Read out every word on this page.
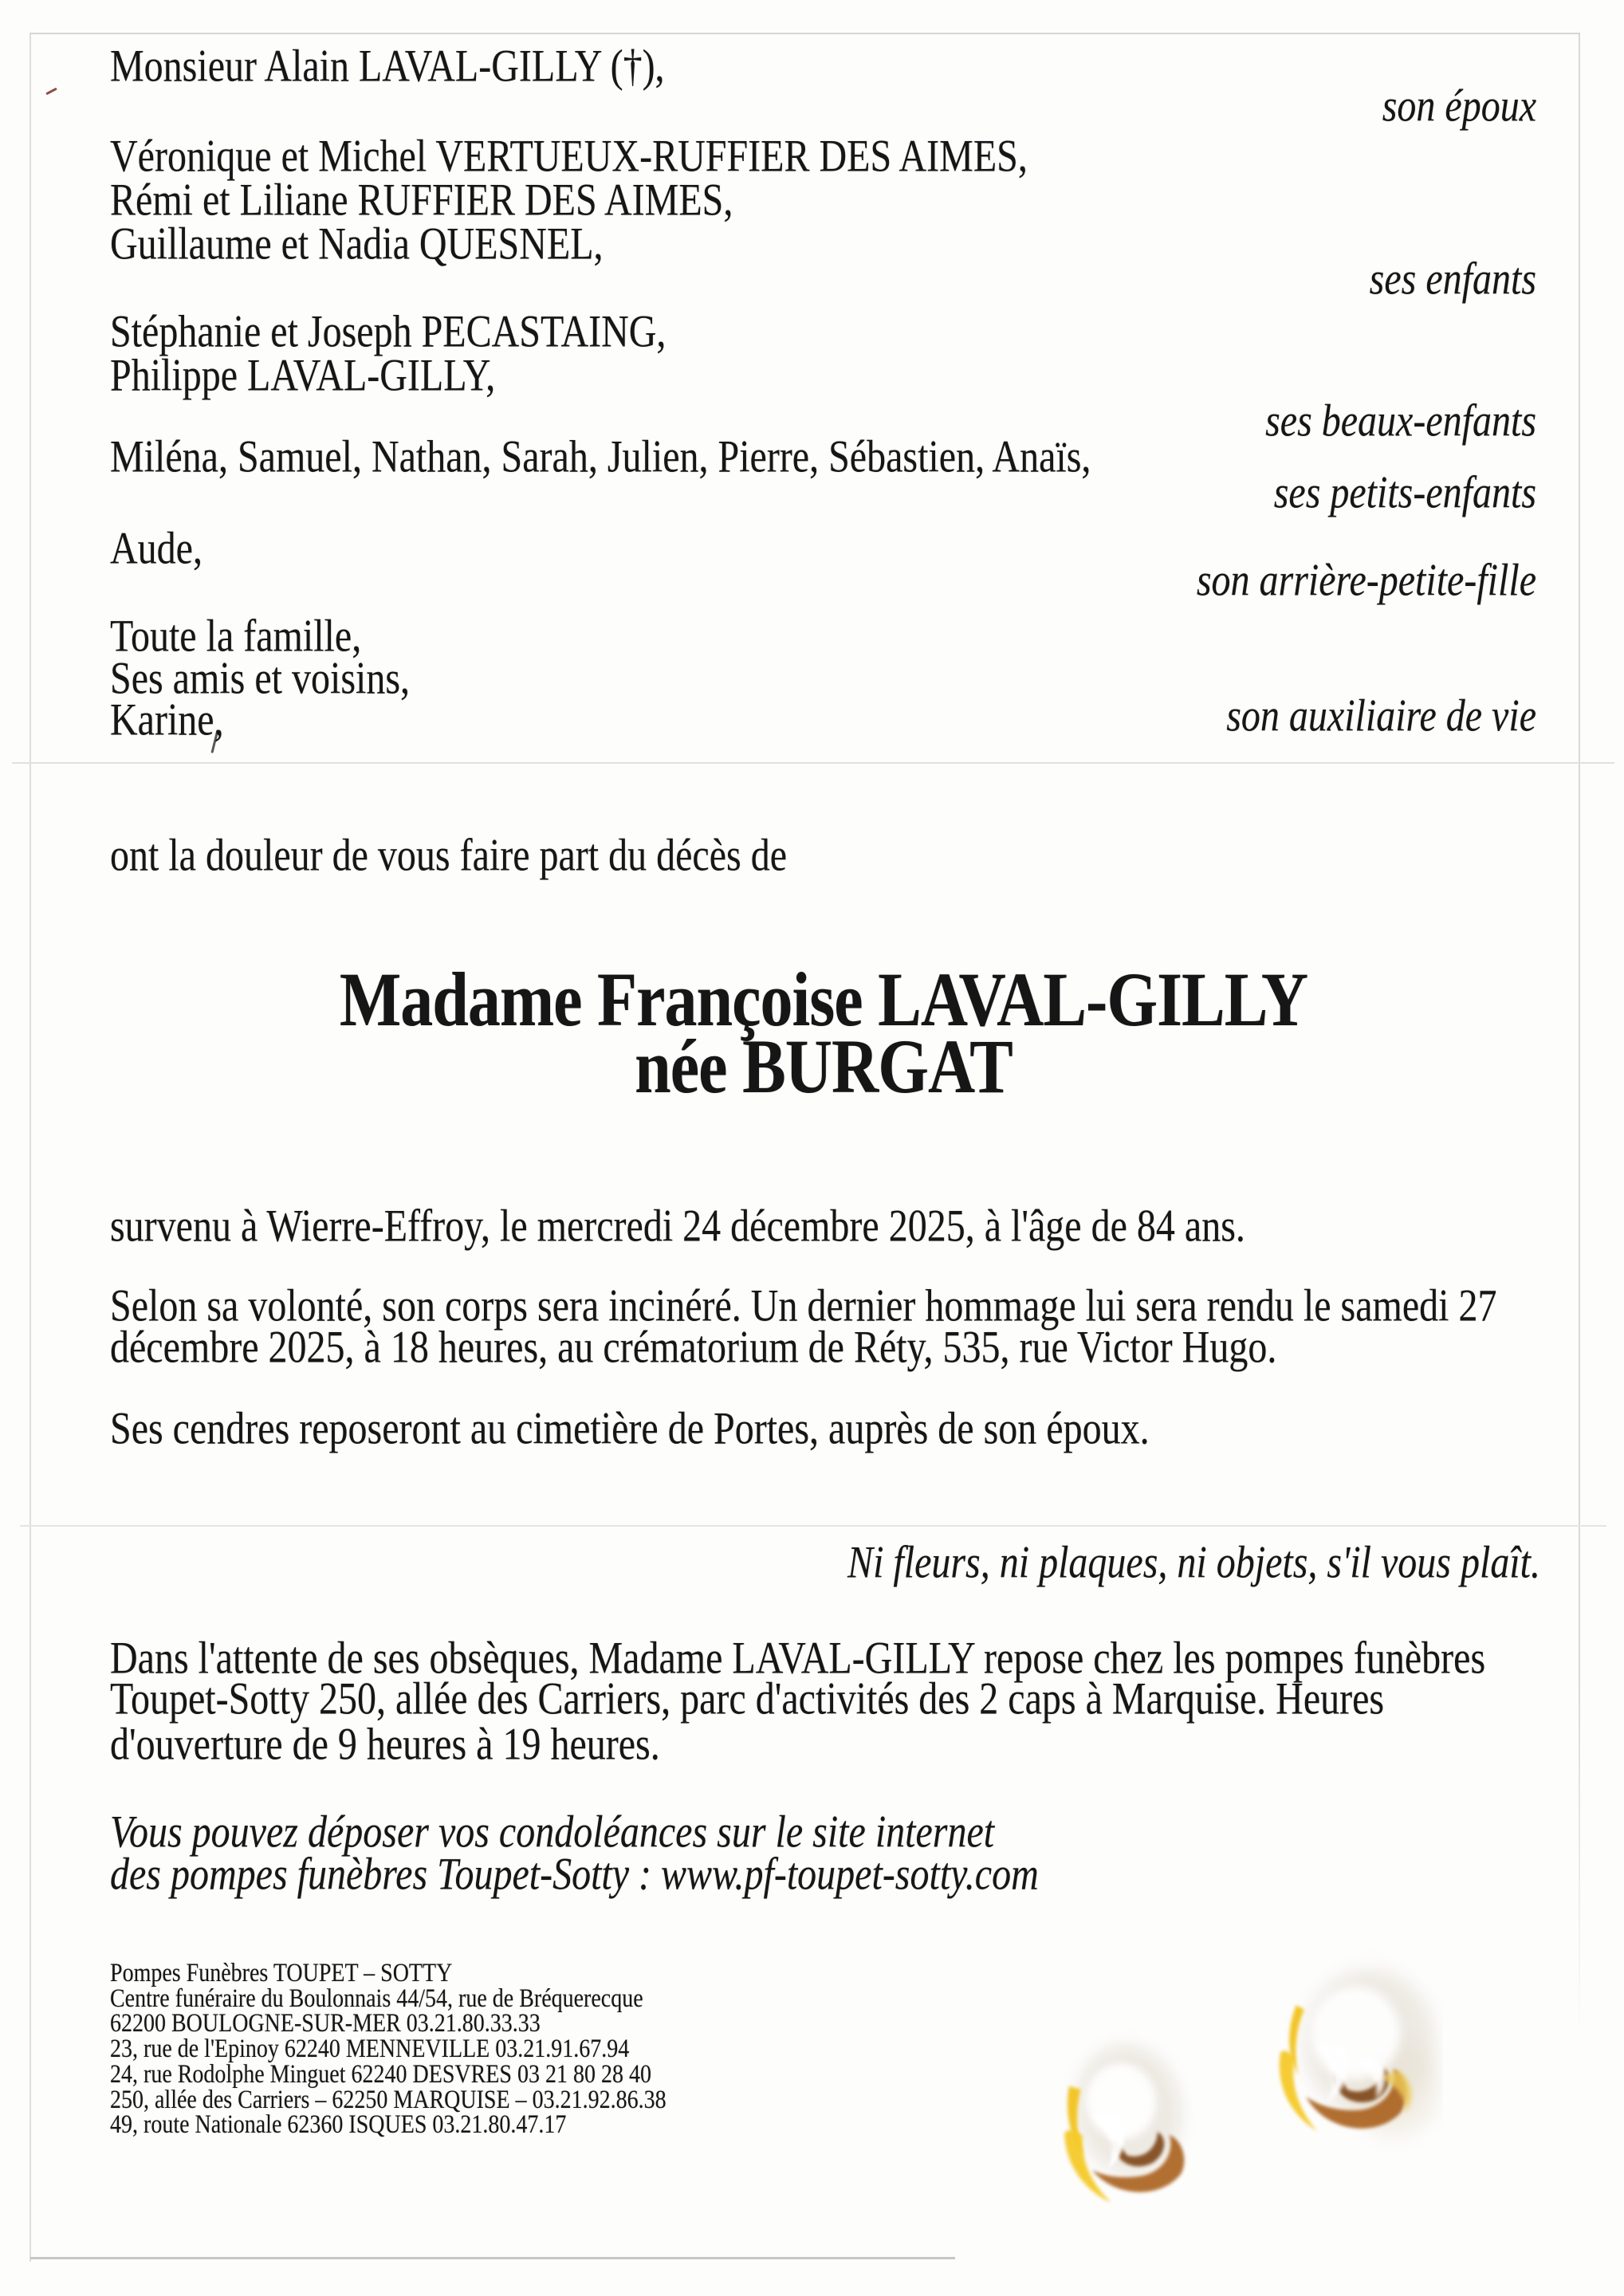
Monsieur Alain LAVAL-GILLY (†),
Véronique et Michel VERTUEUX-RUFFIER DES AIMES,
Rémi et Liliane RUFFIER DES AIMES,
Guillaume et Nadia QUESNEL,
Stéphanie et Joseph PECASTAING,
Philippe LAVAL-GILLY,
Miléna, Samuel, Nathan, Sarah, Julien, Pierre, Sébastien, Anaïs,
Aude,
Toute la famille,
Ses amis et voisins,
Karine,
son époux
ses enfants
ses beaux-enfants
ses petits-enfants
son arrière-petite-fille
son auxiliaire de vie
ont la douleur de vous faire part du décès de
Madame Françoise LAVAL-GILLY
née BURGAT
survenu à Wierre-Effroy, le mercredi 24 décembre 2025, à l'âge de 84 ans.
Selon sa volonté, son corps sera incinéré. Un dernier hommage lui sera rendu le samedi 27
décembre 2025, à 18 heures, au crématorium de Réty, 535, rue Victor Hugo.
Ses cendres reposeront au cimetière de Portes, auprès de son époux.
Ni fleurs, ni plaques, ni objets, s'il vous plaît.
Dans l'attente de ses obsèques, Madame LAVAL-GILLY repose chez les pompes funèbres
Toupet-Sotty 250, allée des Carriers, parc d'activités des 2 caps à Marquise. Heures
d'ouverture de 9 heures à 19 heures.
Vous pouvez déposer vos condoléances sur le site internet
des pompes funèbres Toupet-Sotty : www.pf-toupet-sotty.com
Pompes Funèbres TOUPET – SOTTY
Centre funéraire du Boulonnais 44/54, rue de Bréquerecque
62200 BOULOGNE-SUR-MER 03.21.80.33.33
23, rue de l'Epinoy 62240 MENNEVILLE 03.21.91.67.94
24, rue Rodolphe Minguet 62240 DESVRES 03 21 80 28 40
250, allée des Carriers – 62250 MARQUISE – 03.21.92.86.38
49, route Nationale 62360 ISQUES 03.21.80.47.17
